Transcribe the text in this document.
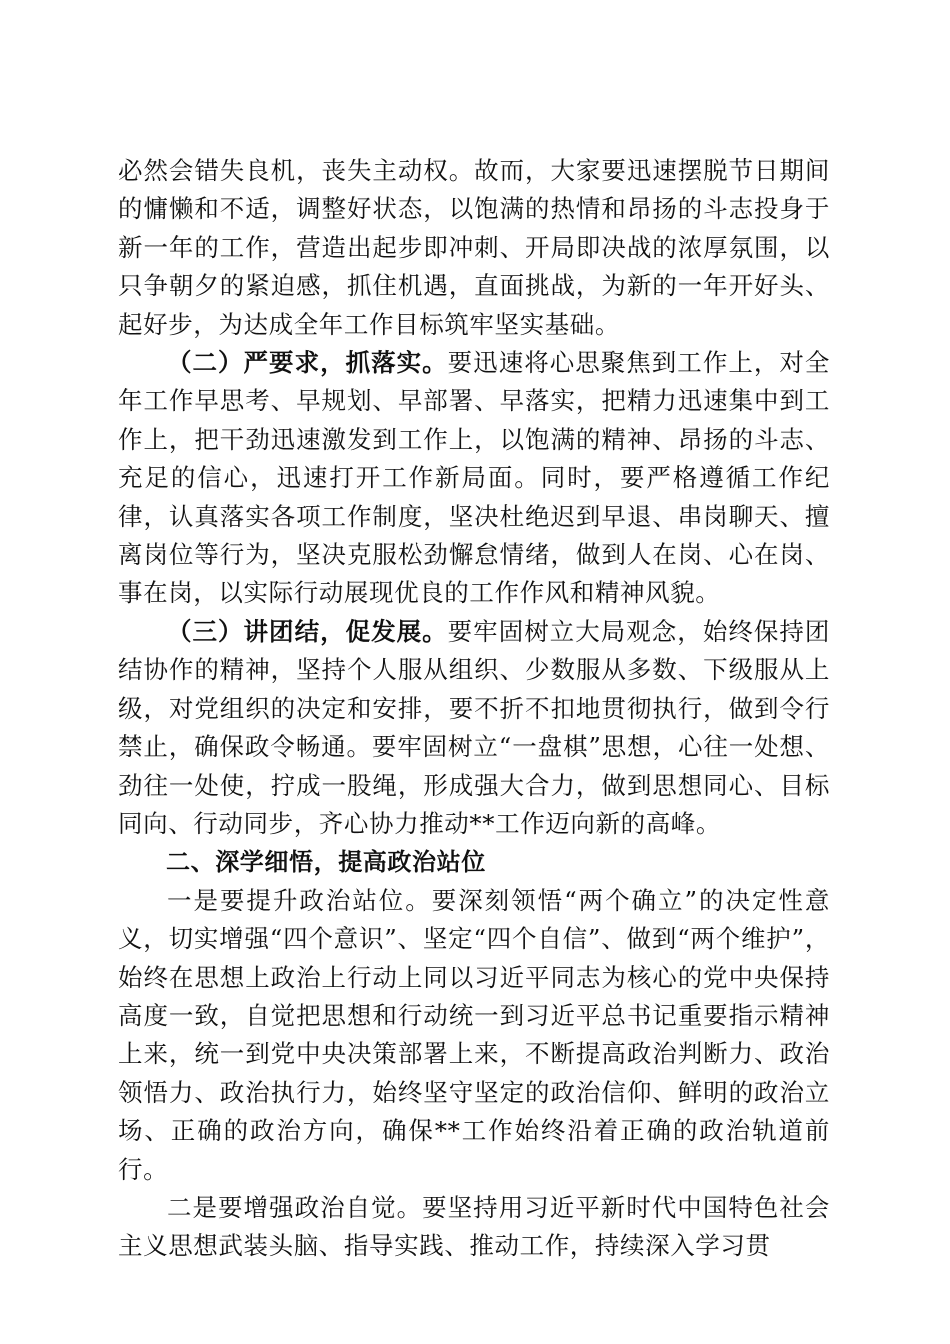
必然会错失良机，丧失主动权。故而，大家要迅速摆脱节日期间的慵懒和不适，调整好状态，以饱满的热情和昂扬的斗志投身于新一年的工作，营造出起步即冲刺、开局即决战的浓厚氛围，以只争朝夕的紧迫感，抓住机遇，直面挑战，为新的一年开好头、起好步，为达成全年工作目标筑牢坚实基础。

（二）严要求，抓落实。要迅速将心思聚焦到工作上，对全年工作早思考、早规划、早部署、早落实，把精力迅速集中到工作上，把干劲迅速激发到工作上，以饱满的精神、昂扬的斗志、充足的信心，迅速打开工作新局面。同时，要严格遵循工作纪律，认真落实各项工作制度，坚决杜绝迟到早退、串岗聊天、擅离岗位等行为，坚决克服松劲懈怠情绪，做到人在岗、心在岗、事在岗，以实际行动展现优良的工作作风和精神风貌。

（三）讲团结，促发展。要牢固树立大局观念，始终保持团结协作的精神，坚持个人服从组织、少数服从多数、下级服从上级，对党组织的决定和安排，要不折不扣地贯彻执行，做到令行禁止，确保政令畅通。要牢固树立“一盘棋”思想，心往一处想、劲往一处使，拧成一股绳，形成强大合力，做到思想同心、目标同向、行动同步，齐心协力推动**工作迈向新的高峰。

二、深学细悟，提高政治站位

一是要提升政治站位。要深刻领悟“两个确立”的决定性意义，切实增强“四个意识”、坚定“四个自信”、做到“两个维护”，始终在思想上政治上行动上同以习近平同志为核心的党中央保持高度一致，自觉把思想和行动统一到习近平总书记重要指示精神上来，统一到党中央决策部署上来，不断提高政治判断力、政治领悟力、政治执行力，始终坚守坚定的政治信仰、鲜明的政治立场、正确的政治方向，确保**工作始终沿着正确的政治轨道前行。

二是要增强政治自觉。要坚持用习近平新时代中国特色社会主义思想武装头脑、指导实践、推动工作，持续深入学习贯
